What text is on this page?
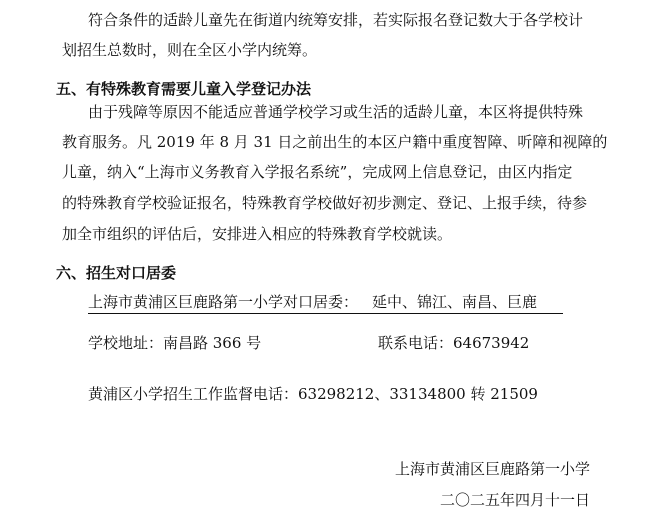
符合条件的适龄儿童先在街道内统筹安排，若实际报名登记数大于各学校计
划招生总数时，则在全区小学内统筹。
五、有特殊教育需要儿童入学登记办法
由于残障等原因不能适应普通学校学习或生活的适龄儿童，本区将提供特殊
教育服务。凡 2019 年 8 月 31 日之前出生的本区户籍中重度智障、听障和视障的
儿童，纳入“上海市义务教育入学报名系统”，完成网上信息登记，由区内指定
的特殊教育学校验证报名，特殊教育学校做好初步测定、登记、上报手续，待参
加全市组织的评估后，安排进入相应的特殊教育学校就读。
六、招生对口居委
上海市黄浦区巨鹿路第一小学对口居委： 延中、锦江、南昌、巨鹿
学校地址：南昌路 366 号	联系电话：64673942
黄浦区小学招生工作监督电话：63298212、33134800 转 21509
上海市黄浦区巨鹿路第一小学
二〇二五年四月十一日
